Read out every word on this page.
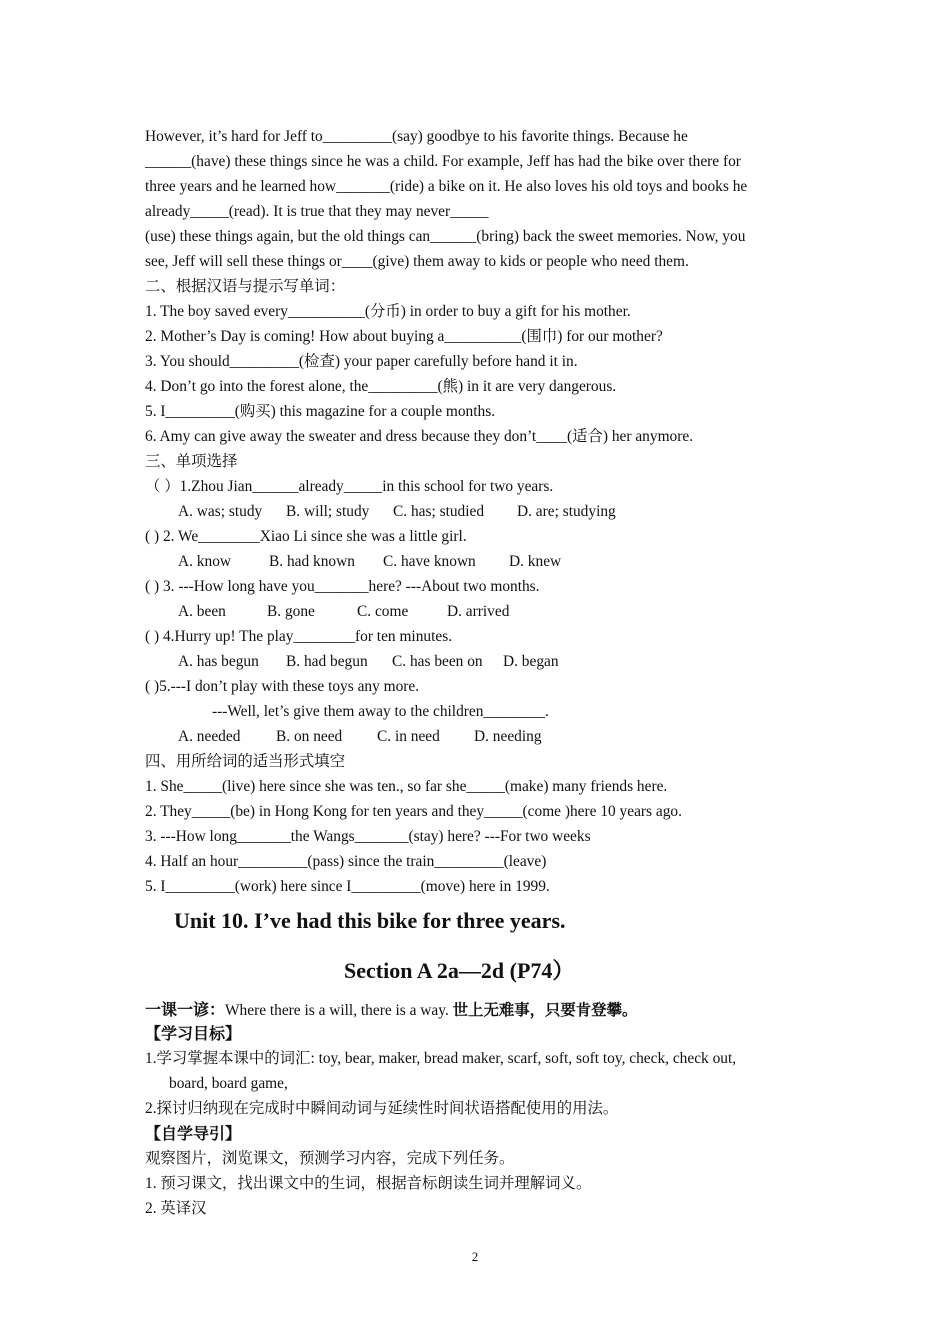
However, it’s hard for Jeff to_________(say) goodbye to his favorite things. Because he
______(have) these things since he was a child. For example, Jeff has had the bike over there for
three years and he learned how_______(ride) a bike on it. He also loves his old toys and books he
already_____(read). It is true that they may never_____
(use) these things again, but the old things can______(bring) back the sweet memories. Now, you
see, Jeff will sell these things or____(give) them away to kids or people who need them.
二、根据汉语与提示写单词：
1. The boy saved every__________(分币) in order to buy a gift for his mother.
2. Mother’s Day is coming! How about buying a__________(围巾) for our mother?
3. You should_________(检查) your paper carefully before hand it in.
4. Don’t go into the forest alone, the_________(熊) in it are very dangerous.
5. I_________(购买) this magazine for a couple months.
6. Amy can give away the sweater and dress because they don’t____(适合) her anymore.
三、单项选择
（ ）1.Zhou Jian______already_____in this school for two years.
A. was; study B. will; study C. has; studied D. are; studying
( ) 2. We________Xiao Li since she was a little girl.
A. know B. had known C. have known D. knew
( ) 3. ---How long have you_______here? ---About two months.
A. been	B. gone	C. come	D. arrived
( ) 4.Hurry up! The play________for ten minutes.
A. has begun B. had begun C. has been on D. began
( )5.---I don’t play with these toys any more.
---Well, let’s give them away to the children________.
A. needed B. on need C. in need D. needing
四、用所给词的适当形式填空
1. She_____(live) here since she was ten., so far she_____(make) many friends here.
2. They_____(be) in Hong Kong for ten years and they_____(come )here 10 years ago.
3. ---How long_______the Wangs_______(stay) here? ---For two weeks
4. Half an hour_________(pass) since the train_________(leave)
5. I_________(work) here since I_________(move) here in 1999.
Unit 10. I’ve had this bike for three years.
Section A 2a—2d (P74）
一课一谚：Where there is a will, there is a way. 世上无难事，只要肯登攀。
【学习目标】
1.学习掌握本课中的词汇: toy, bear, maker, bread maker, scarf, soft, soft toy, check, check out,
board, board game,
2.探讨归纳现在完成时中瞬间动词与延续性时间状语搭配使用的用法。
【自学导引】
观察图片，浏览课文，预测学习内容，完成下列任务。
1. 预习课文，找出课文中的生词，根据音标朗读生词并理解词义。
2. 英译汉
2
